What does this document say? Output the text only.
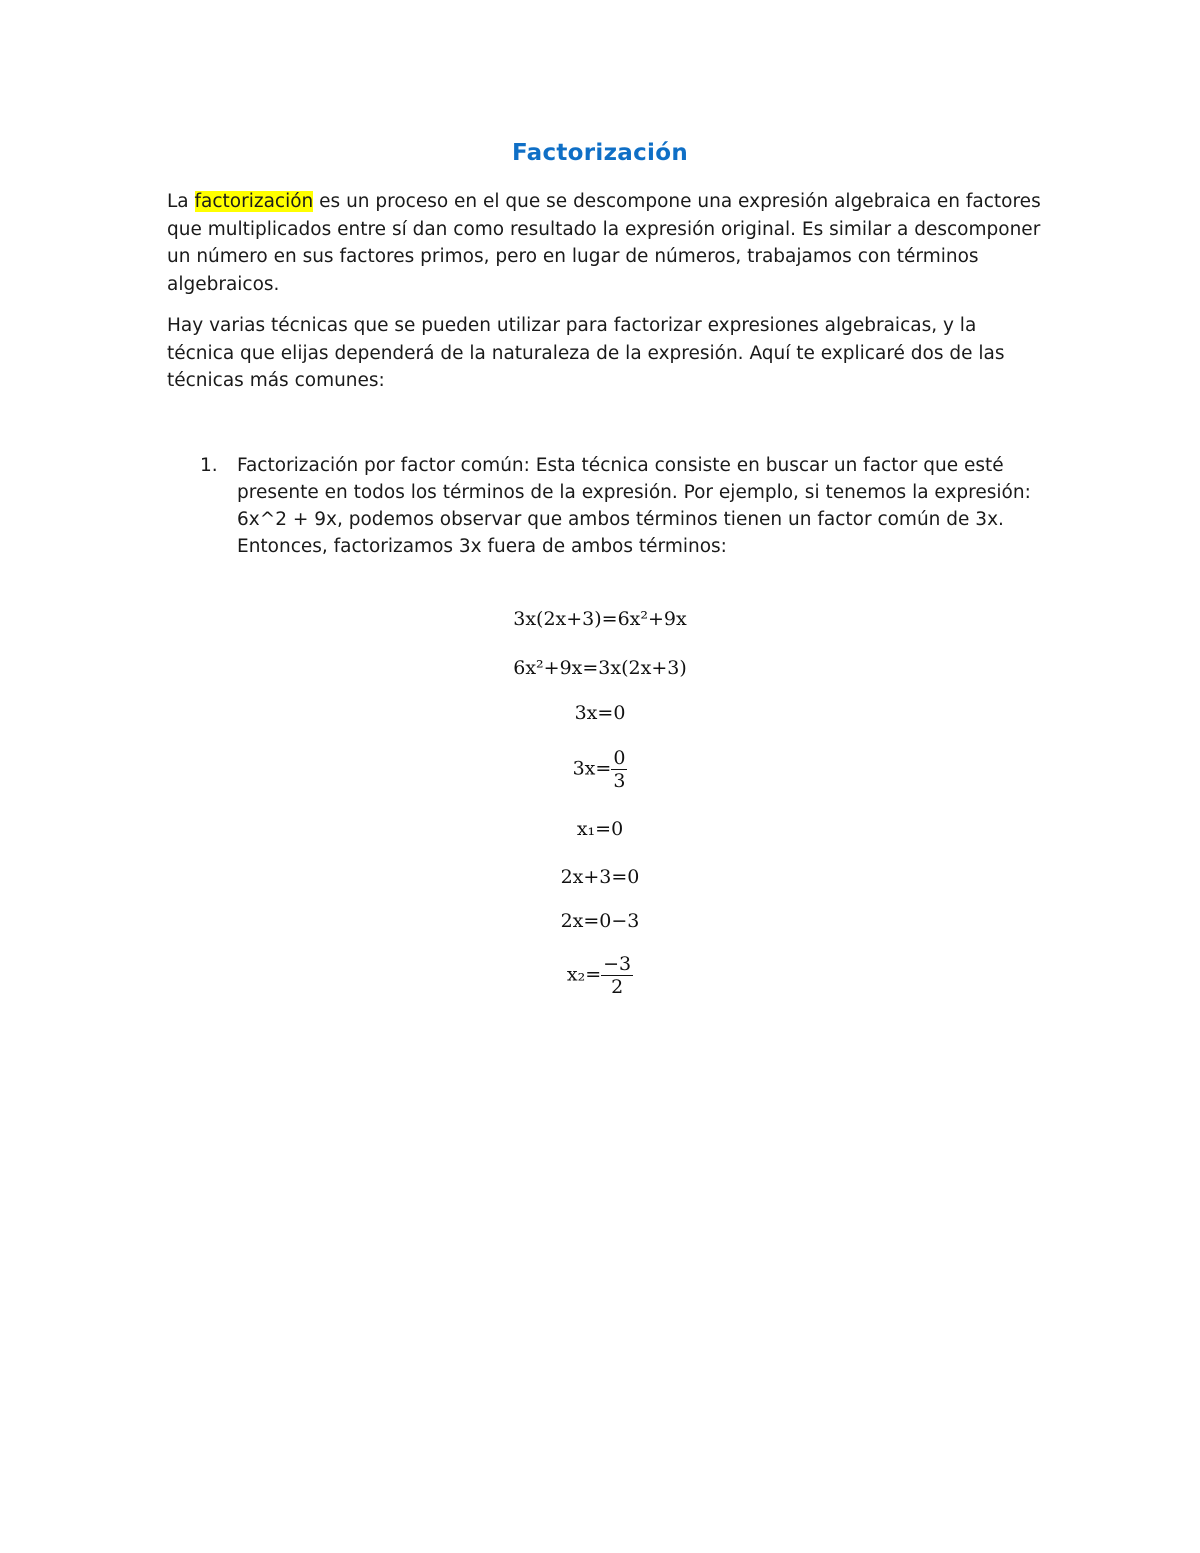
Factorización

La factorización es un proceso en el que se descompone una expresión algebraica en factores que multiplicados entre sí dan como resultado la expresión original. Es similar a descomponer un número en sus factores primos, pero en lugar de números, trabajamos con términos algebraicos.

Hay varias técnicas que se pueden utilizar para factorizar expresiones algebraicas, y la técnica que elijas dependerá de la naturaleza de la expresión. Aquí te explicaré dos de las técnicas más comunes:

1. Factorización por factor común: Esta técnica consiste en buscar un factor que esté presente en todos los términos de la expresión. Por ejemplo, si tenemos la expresión:
6x^2 + 9x, podemos observar que ambos términos tienen un factor común de 3x. Entonces, factorizamos 3x fuera de ambos términos:
3x(2x+3)=6x²+9x
6x²+9x=3x(2x+3)
3x=0
$3x= \frac{0}{3}$
x₁=0
2x+3=0
2x=0−3
$x_2= \frac{-3}{2}$
